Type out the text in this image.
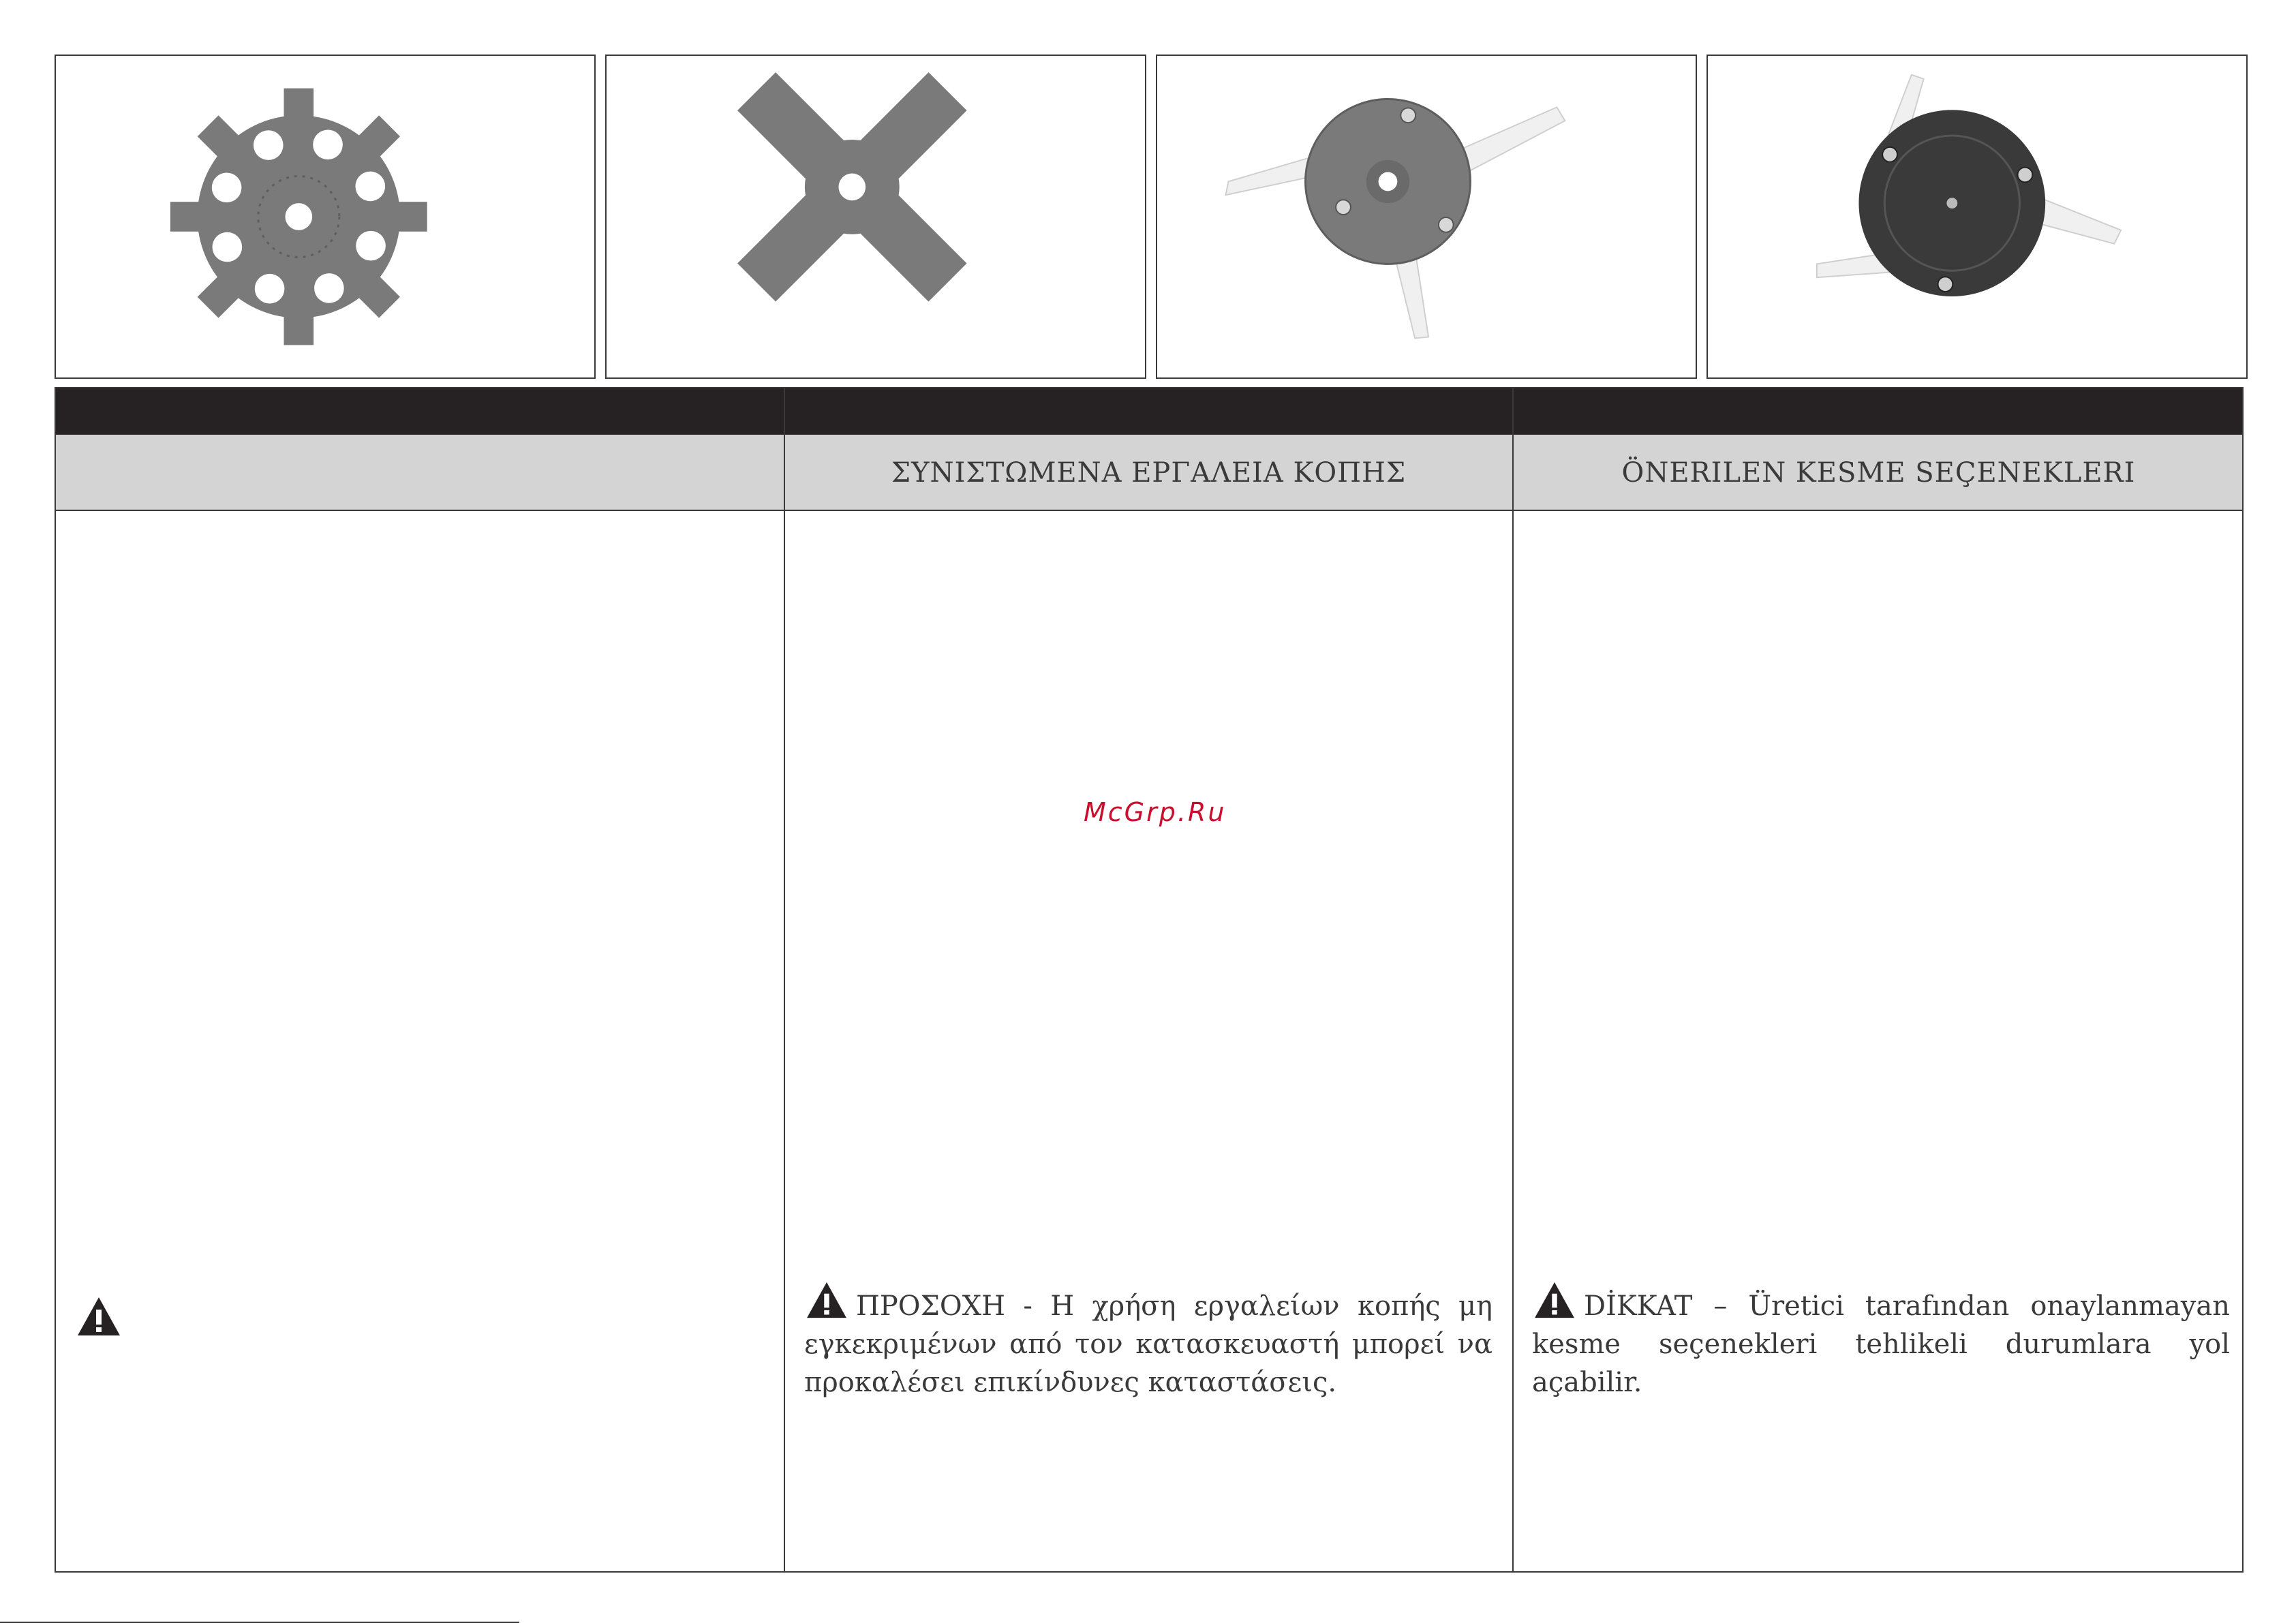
ΣΥΝΙΣΤΩΜΕΝΑ ΕΡΓΑΛΕΙΑ ΚΟΠΗΣ	ÖNERILEN KESME SEÇENEKLERI
ΠΡΟΣΟΧΗ - Η χρήση εργαλείων κοπής μη εγκεκριμένων από τον κατασκευαστή μπορεί να προκαλέσει επικίνδυνες καταστάσεις.
DİKKAT – Üretici tarafından onaylanmayan kesme seçenekleri tehlikeli durumlara yol açabilir.
McGrp.Ru
